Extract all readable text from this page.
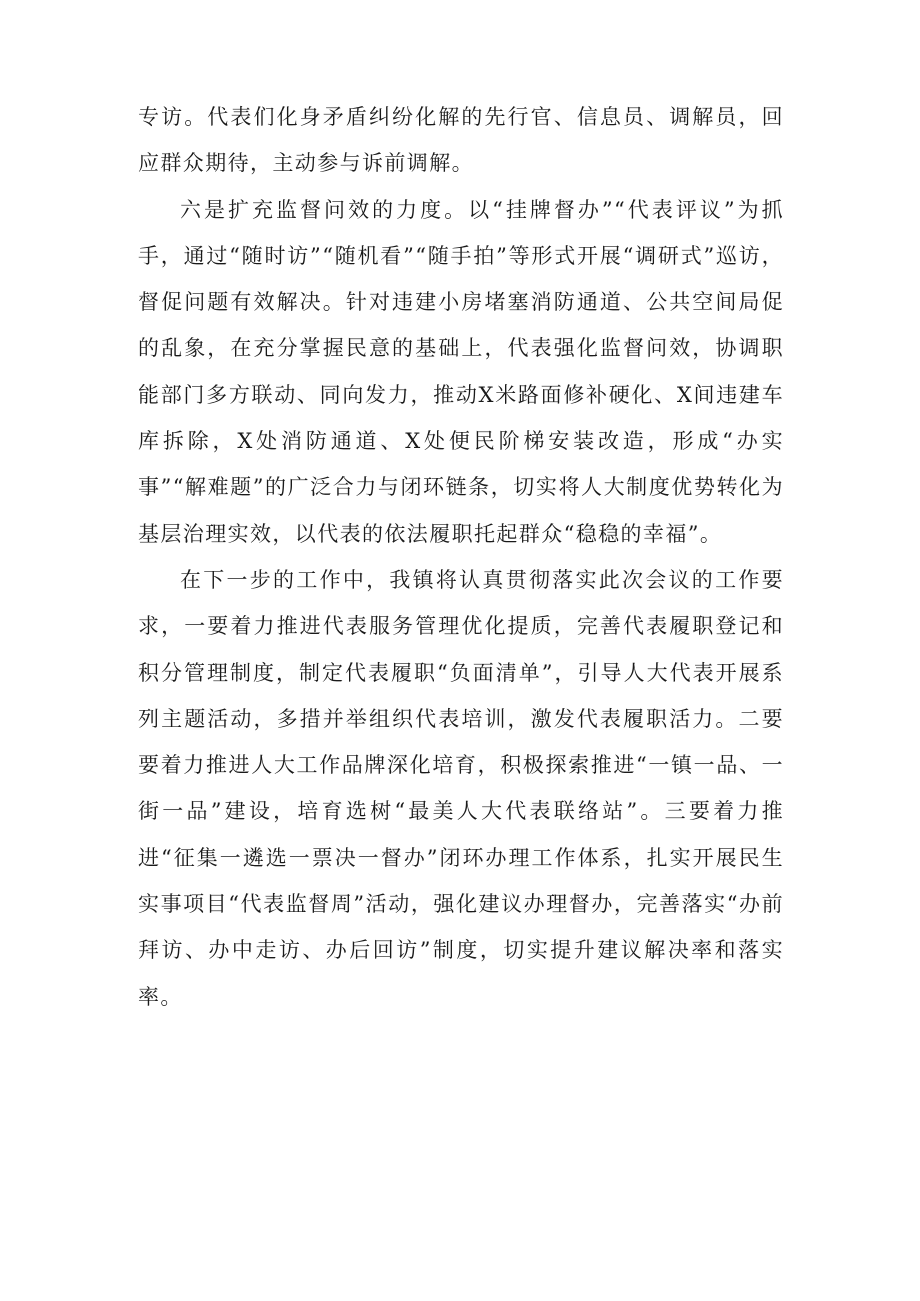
专访。代表们化身矛盾纠纷化解的先行官、信息员、调解员，回应群众期待，主动参与诉前调解。

六是扩充监督问效的力度。以“挂牌督办”“代表评议”为抓手，通过“随时访”“随机看”“随手拍”等形式开展“调研式”巡访，督促问题有效解决。针对违建小房堵塞消防通道、公共空间局促的乱象，在充分掌握民意的基础上，代表强化监督问效，协调职能部门多方联动、同向发力，推动X米路面修补硬化、X间违建车库拆除，X处消防通道、X处便民阶梯安装改造，形成“办实事”“解难题”的广泛合力与闭环链条，切实将人大制度优势转化为基层治理实效，以代表的依法履职托起群众“稳稳的幸福”。

在下一步的工作中，我镇将认真贯彻落实此次会议的工作要求，一要着力推进代表服务管理优化提质，完善代表履职登记和积分管理制度，制定代表履职“负面清单”，引导人大代表开展系列主题活动，多措并举组织代表培训，激发代表履职活力。二要要着力推进人大工作品牌深化培育，积极探索推进“一镇一品、一街一品”建设，培育选树“最美人大代表联络站”。三要着力推进“征集一遴选一票决一督办”闭环办理工作体系，扎实开展民生实事项目“代表监督周”活动，强化建议办理督办，完善落实“办前拜访、办中走访、办后回访”制度，切实提升建议解决率和落实率。
